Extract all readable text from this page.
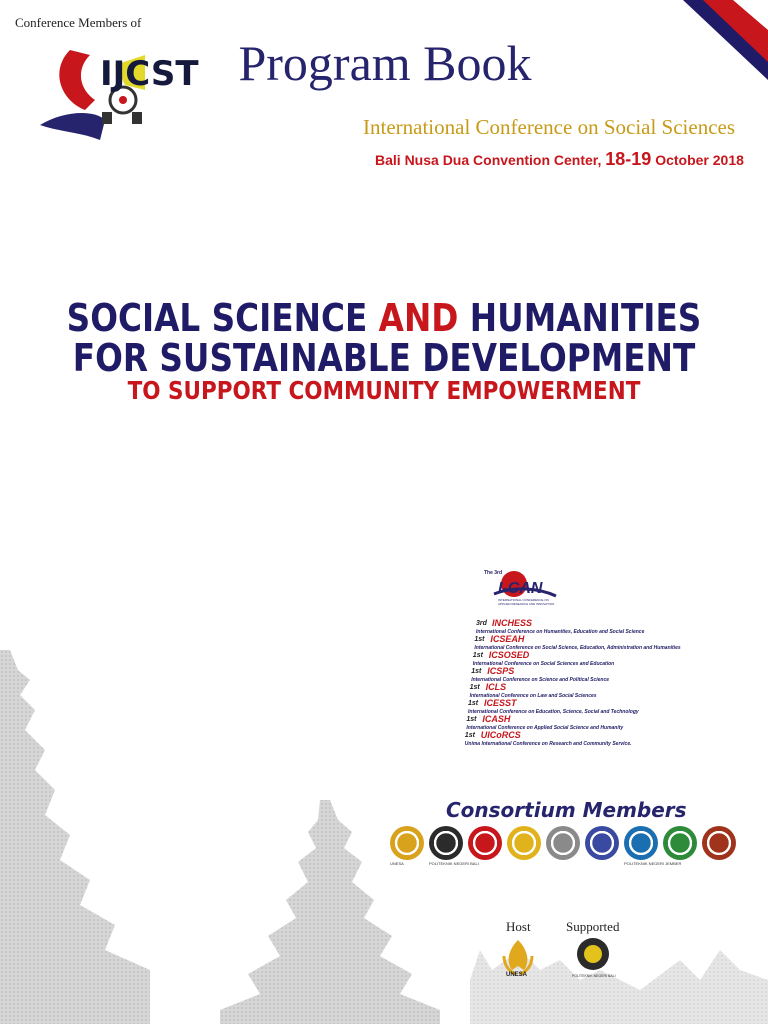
Conference Members of
IJCST Program Book
International Conference on Social Sciences
Bali Nusa Dua Convention Center, 18-19 October 2018
SOCIAL SCIENCE AND HUMANITIES
FOR SUSTAINABLE DEVELOPMENT
TO SUPPORT COMMUNITY EMPOWERMENT
The 3rd
I-CAN
INTERNATIONAL CONFERENCE ON APPLIED RESEARCH AND INNOVATION
3rd INCHESS
International Conference on Humanities, Education and Social Science
1st ICSEAH
International Conference on Social Science, Education, Administration and Humanities
1st ICSOSED
International Conference on Social Sciences and Education
1st ICSPS
International Conference on Science and Political Science
1st ICLS
International Conference on Law and Social Sciences
1st ICESST
International Conference on Education, Science, Social and Technology
1st ICASH
International Conference on Applied Social Science and Humanity
1st UICoRCS
Unima International Conference on Research and Community Service.
Consortium Members
UNESA	POLITEKNIK NEGERI BALI	POLITEKNIK NEGERI JEMBER
Host	Supported
UNESA	POLITEKNIK NEGERI BALI
